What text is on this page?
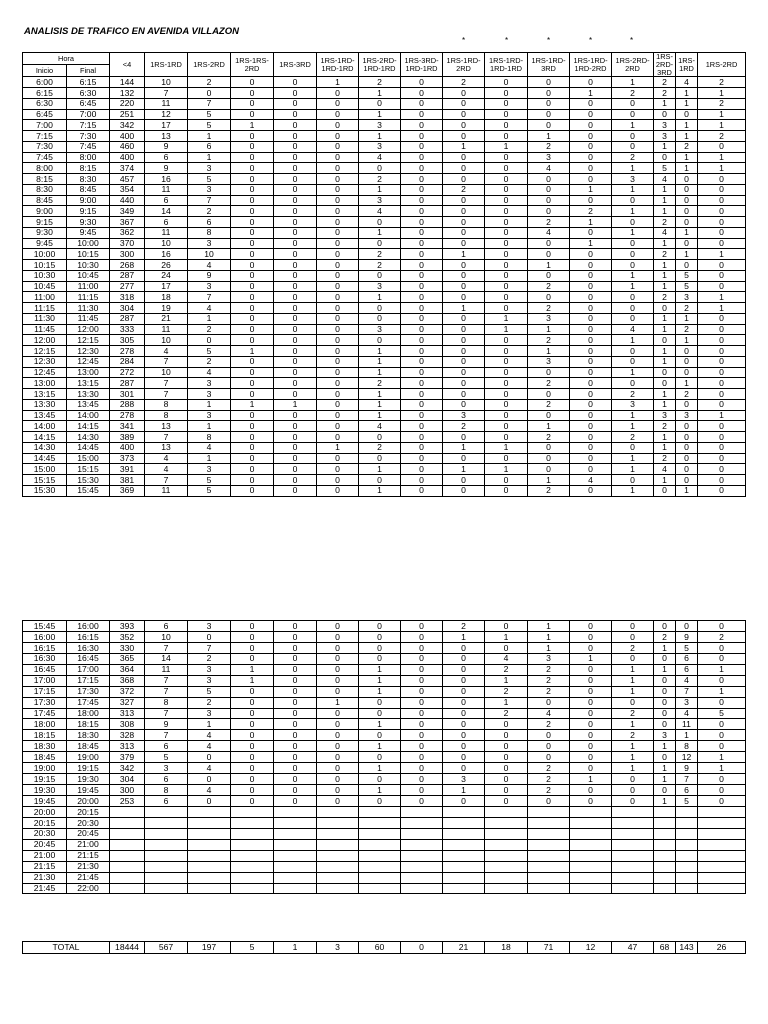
ANALISIS DE TRAFICO EN AVENIDA VILLAZON
*	*	*	*	*
Hora		<4	1RS-1RD	1RS-2RD	1RS-1RS-2RD	1RS-3RD	1RS-1RD-1RD-1RD	1RS-2RD-1RD-1RD	1RS-3RD-1RD-1RD	1RS-1RD-2RD	1RS-1RD-1RD-1RD	1RS-1RD-3RD	1RS-1RD-1RD-2RD	1RS-2RD-2RD	1RS-2RD-3RD	1RS-1RD	1RS-2RD
Inicio	Final																
6:00	6:15	144	10	2	0	0	1	2	0	2	0	0	0	1	2	4	2
6:15	6:30	132	7	0	0	0	0	1	0	0	0	0	1	2	2	1	1
6:30	6:45	220	11	7	0	0	0	0	0	0	0	0	0	0	1	1	2
6:45	7:00	251	12	5	0	0	0	1	0	0	0	0	0	0	0	0	1
7:00	7:15	342	17	5	1	0	0	3	0	0	0	0	0	1	3	1	1
7:15	7:30	400	13	1	0	0	0	1	0	0	0	1	0	0	3	1	2
7:30	7:45	460	9	6	0	0	0	3	0	1	1	2	0	0	1	2	0
7:45	8:00	400	6	1	0	0	0	4	0	0	0	3	0	2	0	1	1
8:00	8:15	374	9	3	0	0	0	0	0	0	0	4	0	1	5	1	1
8:15	8:30	457	16	5	0	0	0	2	0	0	0	0	0	3	4	0	0
8:30	8:45	354	11	3	0	0	0	1	0	2	0	0	1	1	1	0	0
8:45	9:00	440	6	7	0	0	0	3	0	0	0	0	0	0	1	0	0
9:00	9:15	349	14	2	0	0	0	4	0	0	0	0	2	1	1	0	0
9:15	9:30	367	6	6	0	0	0	0	0	0	0	2	1	0	2	0	0
9:30	9:45	362	11	8	0	0	0	1	0	0	0	4	0	1	4	1	0
9:45	10:00	370	10	3	0	0	0	0	0	0	0	0	1	0	1	0	0
10:00	10:15	300	16	10	0	0	0	2	0	1	0	0	0	0	2	1	1
10:15	10:30	268	26	4	0	0	0	2	0	0	0	1	0	0	1	0	0
10:30	10:45	287	24	9	0	0	0	0	0	0	0	0	0	1	1	5	0
10:45	11:00	277	17	3	0	0	0	3	0	0	0	2	0	1	1	5	0
11:00	11:15	318	18	7	0	0	0	1	0	0	0	0	0	0	2	3	1
11:15	11:30	304	19	4	0	0	0	0	0	1	0	2	0	0	0	2	1
11:30	11:45	287	21	1	0	0	0	0	0	0	1	3	0	0	1	1	0
11:45	12:00	333	11	2	0	0	0	3	0	0	1	1	0	4	1	2	0
12:00	12:15	305	10	0	0	0	0	0	0	0	0	2	0	1	0	1	0
12:15	12:30	278	4	5	1	0	0	1	0	0	0	1	0	0	1	0	0
12:30	12:45	284	7	2	0	0	0	1	0	0	0	3	0	0	1	0	0
12:45	13:00	272	10	4	0	0	0	1	0	0	0	0	0	1	0	0	0
13:00	13:15	287	7	3	0	0	0	2	0	0	0	2	0	0	0	1	0
13:15	13:30	301	7	3	0	0	0	1	0	0	0	0	0	2	1	2	0
13:30	13:45	288	8	1	1	1	0	1	0	0	0	2	0	3	1	0	0
13:45	14:00	278	8	3	0	0	0	1	0	3	0	0	0	1	3	3	1
14:00	14:15	341	13	1	0	0	0	4	0	2	0	1	0	1	2	0	0
14:15	14:30	389	7	8	0	0	0	0	0	0	0	2	0	2	1	0	0
14:30	14:45	400	13	4	0	0	1	2	0	1	1	0	0	0	1	0	0
14:45	15:00	373	4	1	0	0	0	0	0	0	0	0	0	1	2	0	0
15:00	15:15	391	4	3	0	0	0	1	0	1	1	0	0	1	4	0	0
15:15	15:30	381	7	5	0	0	0	0	0	0	0	1	4	0	1	0	0
15:30	15:45	369	11	5	0	0	0	1	0	0	0	2	0	1	0	1	0
15:45	16:00	393	6	3	0	0	0	0	0	2	0	1	0	0	0	0	0
16:00	16:15	352	10	0	0	0	0	0	0	1	1	1	0	0	2	9	2
16:15	16:30	330	7	7	0	0	0	0	0	0	0	1	0	2	1	5	0
16:30	16:45	365	14	2	0	0	0	0	0	0	4	3	1	0	0	6	0
16:45	17:00	364	11	3	1	0	0	1	0	0	2	2	0	1	1	6	1
17:00	17:15	368	7	3	1	0	0	1	0	0	1	2	0	1	0	4	0
17:15	17:30	372	7	5	0	0	0	1	0	0	2	2	0	1	0	7	1
17:30	17:45	327	8	2	0	0	1	0	0	0	1	0	0	0	0	3	0
17:45	18:00	313	7	3	0	0	0	0	0	0	2	4	0	2	0	4	5
18:00	18:15	308	9	1	0	0	0	1	0	0	0	2	0	1	0	11	0
18:15	18:30	328	7	4	0	0	0	0	0	0	0	0	0	2	3	1	0
18:30	18:45	313	6	4	0	0	0	1	0	0	0	0	0	1	1	8	0
18:45	19:00	379	5	0	0	0	0	0	0	0	0	0	0	1	0	12	1
19:00	19:15	342	3	4	0	0	0	1	0	0	0	2	0	1	1	9	1
19:15	19:30	304	6	0	0	0	0	0	0	3	0	2	1	0	1	7	0
19:30	19:45	300	8	4	0	0	0	1	0	1	0	2	0	0	0	6	0
19:45	20:00	253	6	0	0	0	0	0	0	0	0	0	0	0	1	5	0
20:00	20:15																
20:15	20:30																
20:30	20:45																
20:45	21:00																
21:00	21:15																
21:15	21:30																
21:30	21:45																
21:45	22:00																
TOTAL	18444	567	197	5	1	3	60	0	21	18	71	12	47	68	143	26
